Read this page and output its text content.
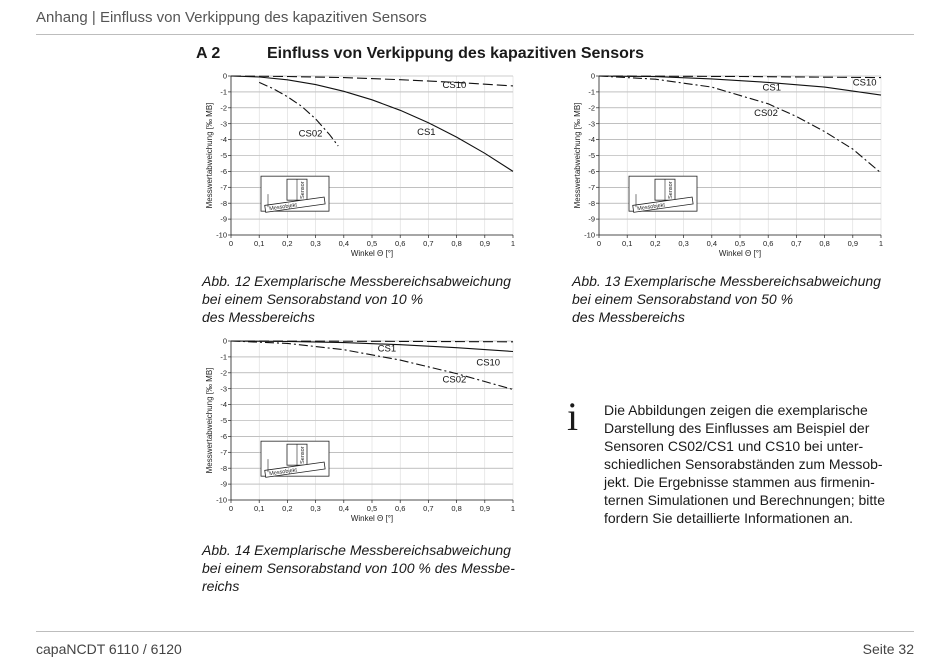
Anhang | Einfluss von Verkippung des kapazitiven Sensors
A 2	Einfluss von Verkippung des kapazitiven Sensors
0
-1
-2
-3
-4
-5
-6
-7
-8
-9
-10
0	0,1 0,2 0,3 0,4 0,5 0,6 0,7 0,8 0,9	1
Winkel Θ [°]
Messwertabweichung [‰ MB]	Sensor
Messobjekt
CS10
CS1
CS02
0
-1
-2
-3
-4
-5
-6
-7
-8
-9
-10
0	0,1 0,2 0,3 0,4 0,5 0,6 0,7 0,8 0,9	1
Winkel Θ [°]
Messwertabweichung [‰ MB]	Sensor
Messobjekt
CS10
CS1
CS02
0
-1
-2
-3
-4
-5
-6
-7
-8
-9
-10
0	0,1 0,2 0,3 0,4 0,5 0,6 0,7 0,8 0,9	1
Winkel Θ [°]
Messwertabweichung [‰ MB]	Sensor
Messobjekt
CS1
CS10
CS02
Abb. 12 Exemplarische Messbereichsabweichung
bei einem Sensorabstand von 10 %
des Messbereichs
Abb. 13 Exemplarische Messbereichsabweichung
bei einem Sensorabstand von 50 %
des Messbereichs
Abb. 14 Exemplarische Messbereichsabweichung
bei einem Sensorabstand von 100 % des Messbe-
reichs
i Die Abbildungen zeigen die exemplarische
Darstellung des Einflusses am Beispiel der
Sensoren CS02/CS1 und CS10 bei unter-
schiedlichen Sensorabständen zum Messob-
jekt. Die Ergebnisse stammen aus firmenin-
ternen Simulationen und Berechnungen; bitte
fordern Sie detaillierte Informationen an.
capaNCDT 6110 / 6120	Seite 32
